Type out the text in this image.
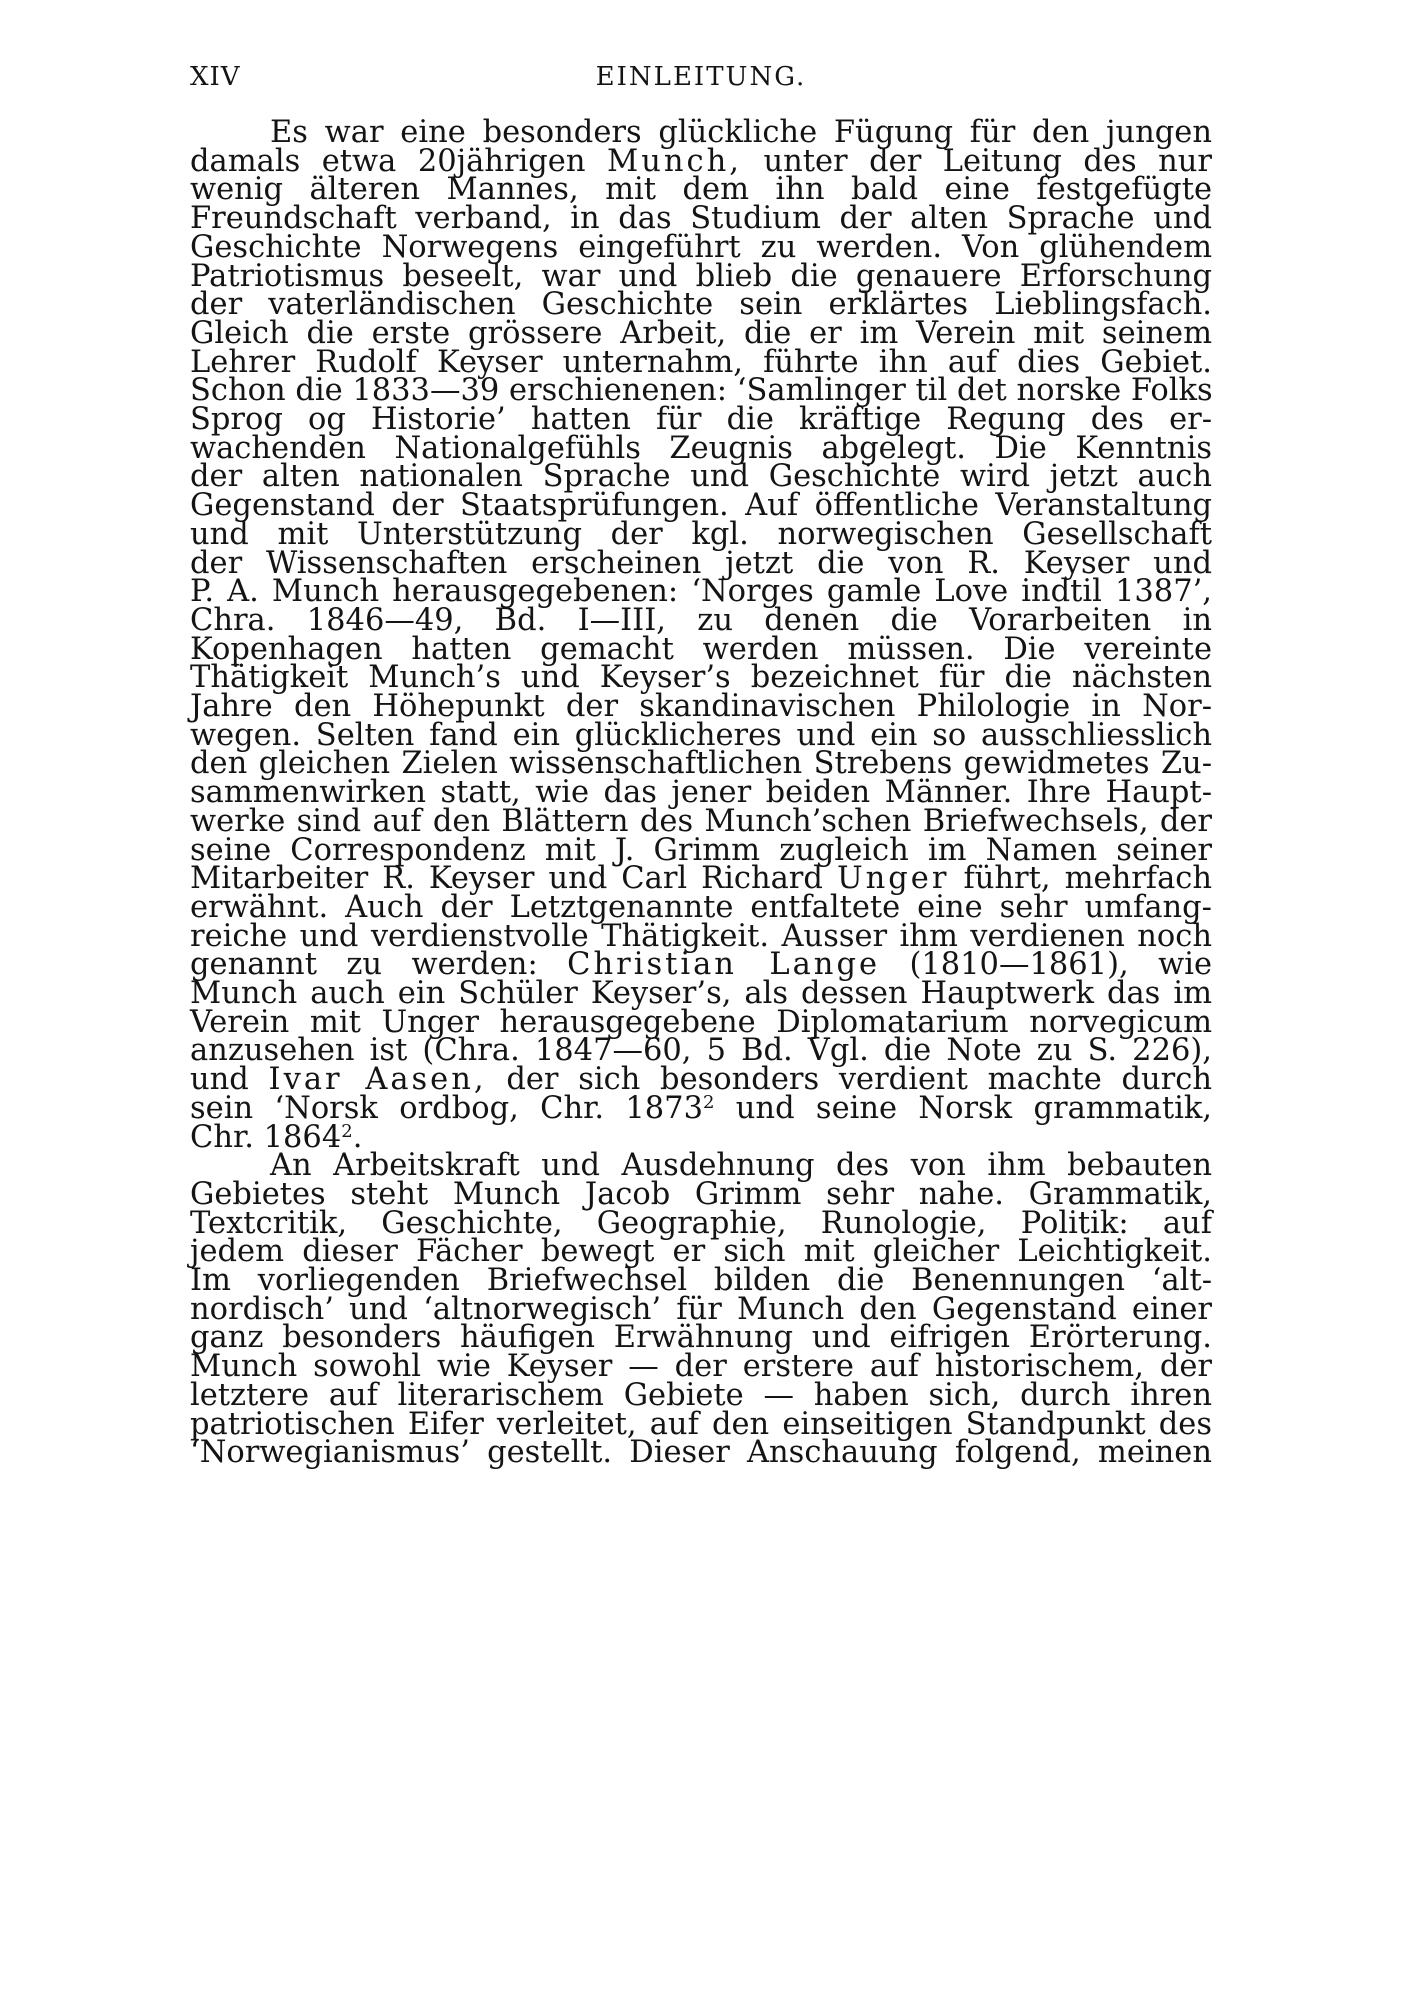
XIV	EINLEITUNG.
Es war eine besonders glückliche Fügung für den jungen
damals etwa 20jährigen Munch, unter der Leitung des nur
wenig älteren Mannes, mit dem ihn bald eine festgefügte
Freundschaft verband, in das Studium der alten Sprache und
Geschichte Norwegens eingeführt zu werden. Von glühendem
Patriotismus beseelt, war und blieb die genauere Erforschung
der vaterländischen Geschichte sein erklärtes Lieblingsfach.
Gleich die erste grössere Arbeit, die er im Verein mit seinem
Lehrer Rudolf Keyser unternahm, führte ihn auf dies Gebiet.
Schon die 1833—39 erschienenen: ‘Samlinger til det norske Folks
Sprog og Historie’ hatten für die kräftige Regung des er-
wachenden Nationalgefühls Zeugnis abgelegt. Die Kenntnis
der alten nationalen Sprache und Geschichte wird jetzt auch
Gegenstand der Staatsprüfungen. Auf öffentliche Veranstaltung
und mit Unterstützung der kgl. norwegischen Gesellschaft
der Wissenschaften erscheinen jetzt die von R. Keyser und
P. A. Munch herausgegebenen: ‘Norges gamle Love indtil 1387’,
Chra. 1846—49, Bd. I—III, zu denen die Vorarbeiten in
Kopenhagen hatten gemacht werden müssen. Die vereinte
Thätigkeit Munch’s und Keyser’s bezeichnet für die nächsten
Jahre den Höhepunkt der skandinavischen Philologie in Nor-
wegen. Selten fand ein glücklicheres und ein so ausschliesslich
den gleichen Zielen wissenschaftlichen Strebens gewidmetes Zu-
sammenwirken statt, wie das jener beiden Männer. Ihre Haupt-
werke sind auf den Blättern des Munch’schen Briefwechsels, der
seine Correspondenz mit J. Grimm zugleich im Namen seiner
Mitarbeiter R. Keyser und Carl Richard Unger führt, mehrfach
erwähnt. Auch der Letztgenannte entfaltete eine sehr umfang-
reiche und verdienstvolle Thätigkeit. Ausser ihm verdienen noch
genannt zu werden: Christian Lange (1810—1861), wie
Munch auch ein Schüler Keyser’s, als dessen Hauptwerk das im
Verein mit Unger herausgegebene Diplomatarium norvegicum
anzusehen ist (Chra. 1847—60, 5 Bd. Vgl. die Note zu S. 226),
und Ivar Aasen, der sich besonders verdient machte durch
sein ‘Norsk ordbog, Chr. 1873$^2$ und seine Norsk grammatik,
Chr. 1864$^2$.
An Arbeitskraft und Ausdehnung des von ihm bebauten
Gebietes steht Munch Jacob Grimm sehr nahe. Grammatik,
Textcritik, Geschichte, Geographie, Runologie, Politik: auf
jedem dieser Fächer bewegt er sich mit gleicher Leichtigkeit.
Im vorliegenden Briefwechsel bilden die Benennungen ‘alt-
nordisch’ und ‘altnorwegisch’ für Munch den Gegenstand einer
ganz besonders häufigen Erwähnung und eifrigen Erörterung.
Munch sowohl wie Keyser — der erstere auf historischem, der
letztere auf literarischem Gebiete — haben sich, durch ihren
patriotischen Eifer verleitet, auf den einseitigen Standpunkt des
‘Norwegianismus’ gestellt. Dieser Anschauung folgend, meinen
